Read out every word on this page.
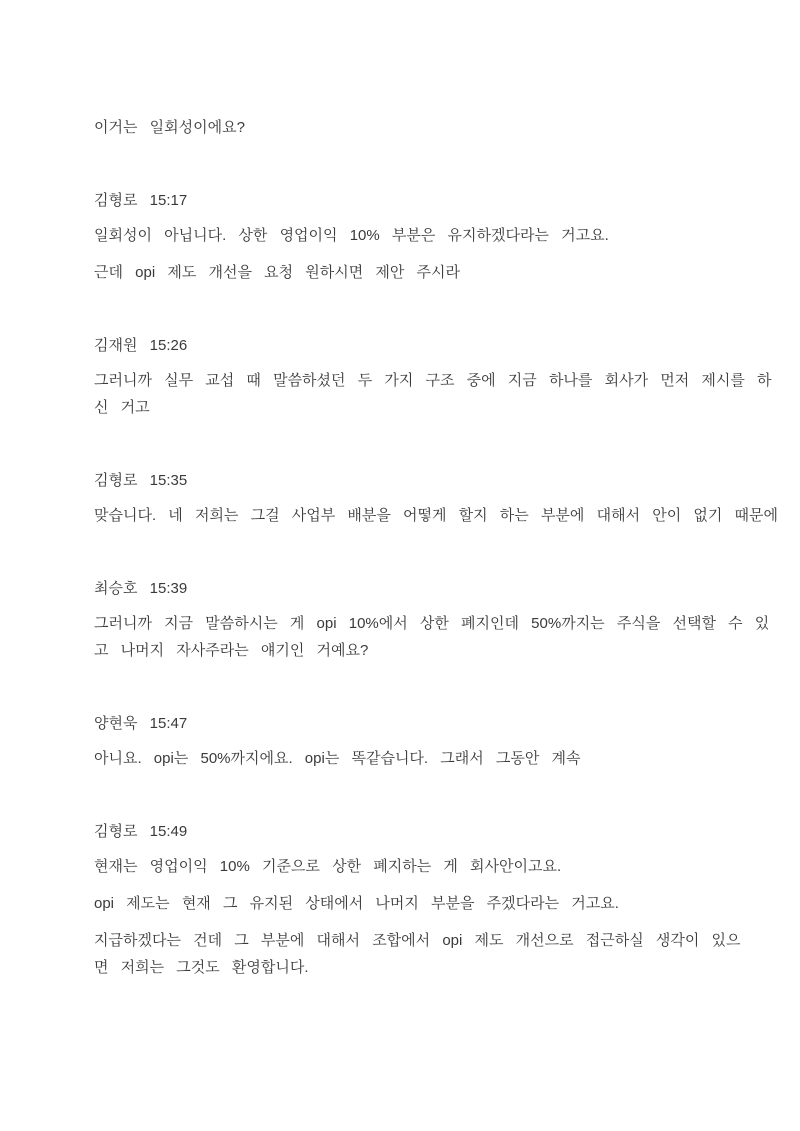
이거는 일회성이에요?
김형로 15:17
일회성이 아닙니다. 상한 영업이익 10% 부분은 유지하겠다라는 거고요.
근데 opi 제도 개선을 요청 원하시면 제안 주시라
김재원 15:26
그러니까 실무 교섭 때 말씀하셨던 두 가지 구조 중에 지금 하나를 회사가 먼저 제시를 하
신 거고
김형로 15:35
맞습니다. 네 저희는 그걸 사업부 배분을 어떻게 할지 하는 부분에 대해서 안이 없기 때문에
최승호 15:39
그러니까 지금 말씀하시는 게 opi 10%에서 상한 폐지인데 50%까지는 주식을 선택할 수 있
고 나머지 자사주라는 얘기인 거예요?
양현욱 15:47
아니요. opi는 50%까지에요. opi는 똑같습니다. 그래서 그동안 계속
김형로 15:49
현재는 영업이익 10% 기준으로 상한 폐지하는 게 회사안이고요.
opi 제도는 현재 그 유지된 상태에서 나머지 부분을 주겠다라는 거고요.
지급하겠다는 건데 그 부분에 대해서 조합에서 opi 제도 개선으로 접근하실 생각이 있으
면 저희는 그것도 환영합니다.
